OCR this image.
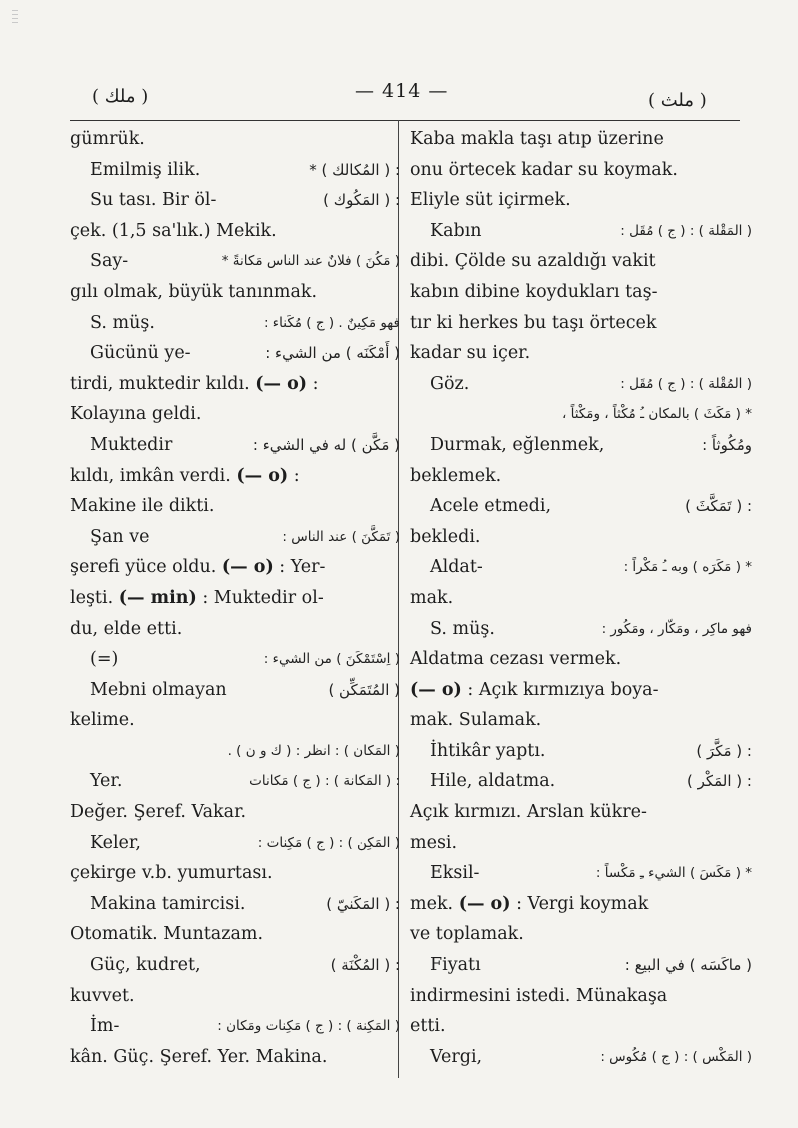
( ملك )	— 414 —	( ملث )
gümrük.
Emilmiş ilik.	: ( المُكالك ) *
Su tası. Bir öl-	: ( المَكُوك )
çek. (1,5 sa'lık.) Mekik.
Say-	( مَكُنَ ) فلانٌ عند الناس مَكانةً *
gılı olmak, büyük tanınmak.
S. müş.	فهو مَكِينٌ . ( ج ) مُكَناء :
Gücünü ye-	( أَمْكَنَه ) من الشيء :
tirdi, muktedir kıldı. (— o) :
Kolayına geldi.
Muktedir	( مَكَّن ) له في الشيء :
kıldı, imkân verdi. (— o) :
Makine ile dikti.
Şan ve	( تَمَكَّنَ ) عند الناس :
şerefi yüce oldu. (— o) : Yer-
leşti. (— min) : Muktedir ol-
du, elde etti.
(=)	( اِسْتَمْكَنَ ) من الشيء :
Mebni olmayan	( المُتَمَكِّن )
kelime.
( المَكان ) : انظر : ( ك و ن ) .
Yer.	: ( المَكانة ) : ( ج ) مَكانات
Değer. Şeref. Vakar.
Keler,	( المَكِن ) : ( ج ) مَكِنات :
çekirge v.b. yumurtası.
Makina tamircisi.	: ( المَكَنيّ )
Otomatik. Muntazam.
Güç, kudret,	: ( المُكْنَة )
kuvvet.
İm-	( المَكِنة ) : ( ج ) مَكِنات ومَكان :
kân. Güç. Şeref. Yer. Makina.
Kaba makla taşı atıp üzerine
onu örtecek kadar su koymak.
Eliyle süt içirmek.
Kabın	( المَقْلة ) : ( ج ) مُقَل :
dibi. Çölde su azaldığı vakit
kabın dibine koydukları taş-
tır ki herkes bu taşı örtecek
kadar su içer.
Göz.	( المُقْلة ) : ( ج ) مُقَل :
* ( مَكَثَ ) بالمكان ـُ مُكْثاً ، ومَكْثاً ،
Durmak, eğlenmek,	ومُكُوثاً :
beklemek.
Acele etmedi,	: ( تَمَكَّثَ )
bekledi.
Aldat-	* ( مَكَرَه ) وبه ـُ مَكْراً :
mak.
S. müş.	فهو ماكِر ، ومَكّار ، ومَكُور :
Aldatma cezası vermek.
(— o) : Açık kırmızıya boya-
mak. Sulamak.
İhtikâr yaptı.	: ( مَكَّرَ )
Hile, aldatma.	: ( المَكْر )
Açık kırmızı. Arslan kükre-
mesi.
Eksil-	* ( مَكَسَ ) الشيء ـِ مَكْساً :
mek. (— o) : Vergi koymak
ve toplamak.
Fiyatı	( ماكَسَه ) في البيع :
indirmesini istedi. Münakaşa
etti.
Vergi,	( المَكْس ) : ( ج ) مُكُوس :
